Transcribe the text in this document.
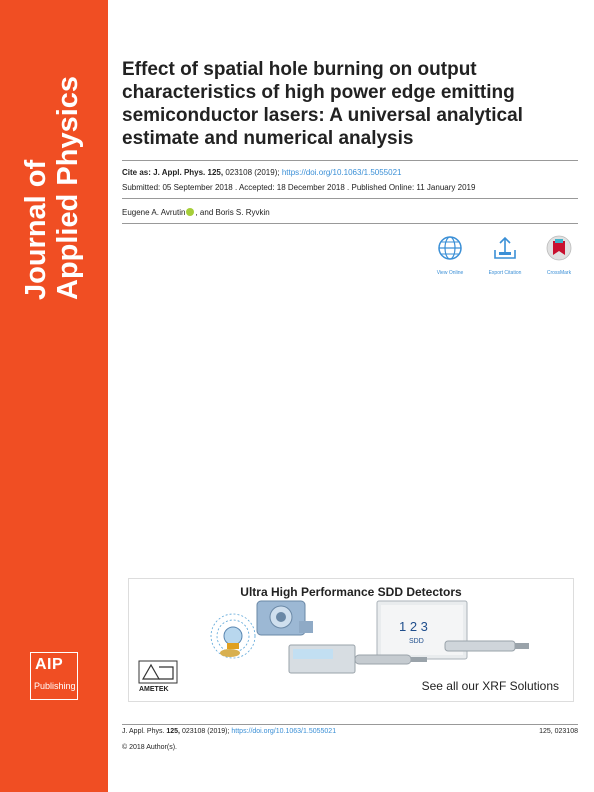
Journal of Applied Physics
AIP
Publishing
Effect of spatial hole burning on output characteristics of high power edge emitting semiconductor lasers: A universal analytical estimate and numerical analysis
Cite as: J. Appl. Phys. 125, 023108 (2019); https://doi.org/10.1063/1.5055021
Submitted: 05 September 2018 . Accepted: 18 December 2018 . Published Online: 11 January 2019
Eugene A. Avrutin , and Boris S. Ryvkin
View Online	Export Citation	CrossMark
1 2 3
SDD
AMETEK
Ultra High Performance SDD Detectors
See all our XRF Solutions
J. Appl. Phys. 125, 023108 (2019); https://doi.org/10.1063/1.5055021	125, 023108
© 2018 Author(s).
